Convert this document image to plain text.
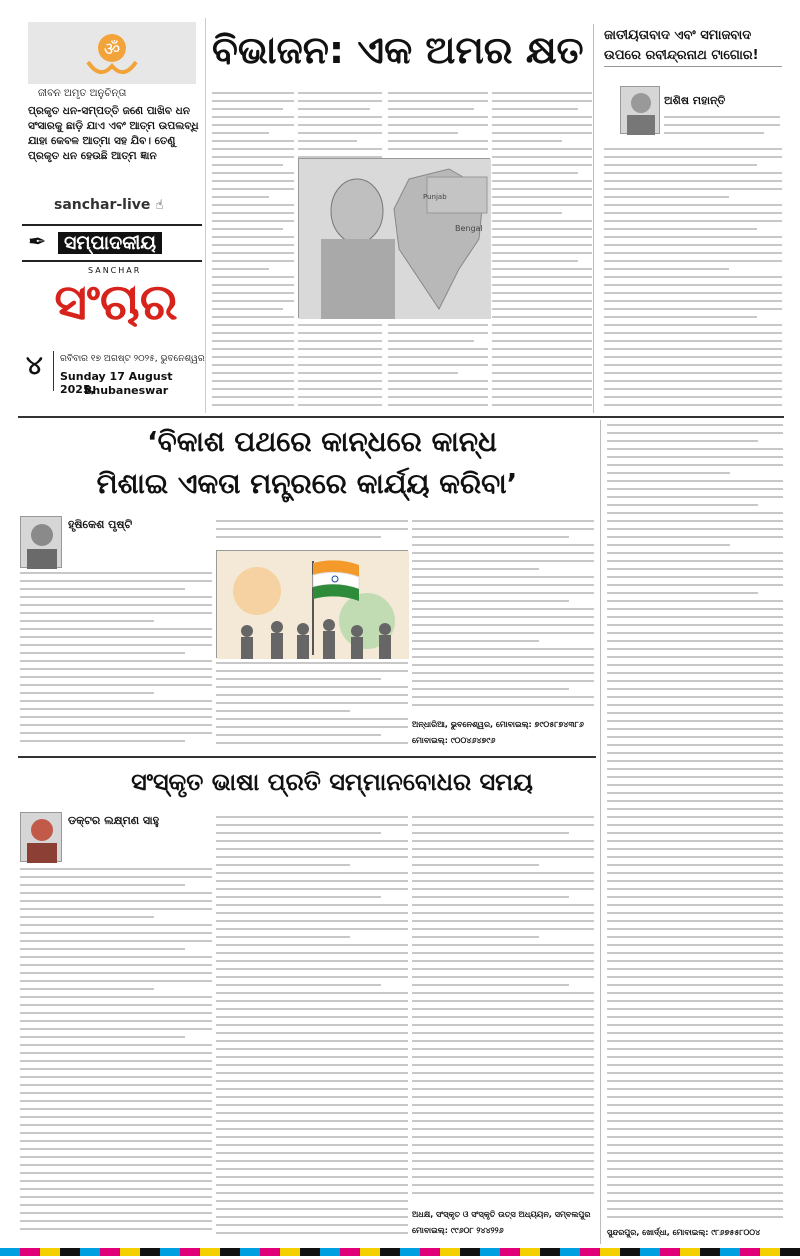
ॐ
ଜୀବନ ଅମୃତ ଅନୁଚିନ୍ତା
ପ୍ରକୃତ ଧନ-ସମ୍ପତ୍ତି ଜଣେ ପାଖିବ ଧନ ସଂସାରକୁ ଛାଡ଼ି ଯାଏ ଏବଂ ଆତ୍ମ ଉପଲବ୍ଧି ଯାହା କେବଳ ଆତ୍ମା ସହ ଯିବ। ତେଣୁ ପ୍ରକୃତ ଧନ ହେଉଛି ଆତ୍ମ ଜ୍ଞାନ
sanchar-live ☝
✒ ସମ୍ପାଦକୀୟ
SANCHAR
ସଂଚାର
୪	ରବିବାର ୧୭ ଅଗଷ୍ଟ ୨୦୨୫, ଭୁବନେଶ୍ୱର
Sunday 17 August 2025,
Bhubaneswar
ବିଭାଜନ: ଏକ ଅମର କ୍ଷତ
Bengal
Punjab
ଜାତୀୟତାବାଦ ଏବଂ ସମାଜବାଦ ଉପରେ ରବୀନ୍ଦ୍ରନାଥ ଟାଗୋର!
ଅଶିଷ ମହାନ୍ତି
‘ବିକାଶ ପଥରେ କାନ୍ଧରେ କାନ୍ଧ
ମିଶାଇ ଏକତା ମନ୍ତ୍ରରେ କାର୍ଯ୍ୟ କରିବା’
ହୃଷିକେଶ ପୃଷ୍ଟି
ଅନ୍ଧାରିଆ, ଭୁବନେଶ୍ୱର, ମୋବାଇଲ୍: ୭୯୦୫୮୭୪୩୮୬
ମୋବାଇଲ୍: ୯୦୦୪୬୪୭୯୬
ସଂସ୍କୃତ ଭାଷା ପ୍ରତି ସମ୍ମାନବୋଧର ସମୟ
ଡକ୍ଟର ଲକ୍ଷ୍ମଣ ସାହୁ
ଅଧକ୍ଷ, ସଂସ୍କୃତ ଓ ସଂସ୍କୃତି ଉତ୍ସ ଅଧ୍ୟୟନ, ସମ୍ବଲପୁର
ମୋବାଇଲ୍: ୯୯୬୦୮ ୨୪୪୨୨୬	ସୁନ୍ଦରପୁର, ଖୋର୍ଦ୍ଧା, ମୋବାଇଲ୍: ୯୮୬୭୫୫୮୦୦୪
